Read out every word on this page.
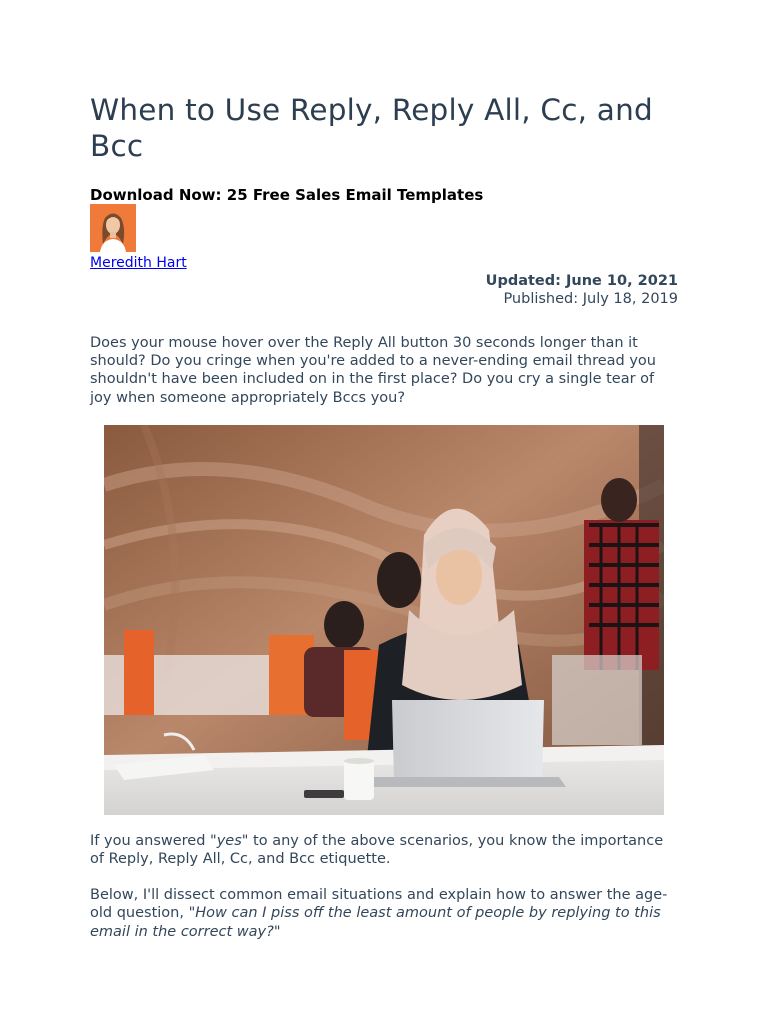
When to Use Reply, Reply All, Cc, and Bcc
Download Now: 25 Free Sales Email Templates
Meredith Hart
Updated: June 10, 2021
Published: July 18, 2019

Does your mouse hover over the Reply All button 30 seconds longer than it should? Do you cringe when you're added to a never-ending email thread you shouldn't have been included on in the first place? Do you cry a single tear of joy when someone appropriately Bccs you?

If you answered "yes" to any of the above scenarios, you know the importance of Reply, Reply All, Cc, and Bcc etiquette.

Below, I'll dissect common email situations and explain how to answer the age-old question, "How can I piss off the least amount of people by replying to this email in the correct way?"
